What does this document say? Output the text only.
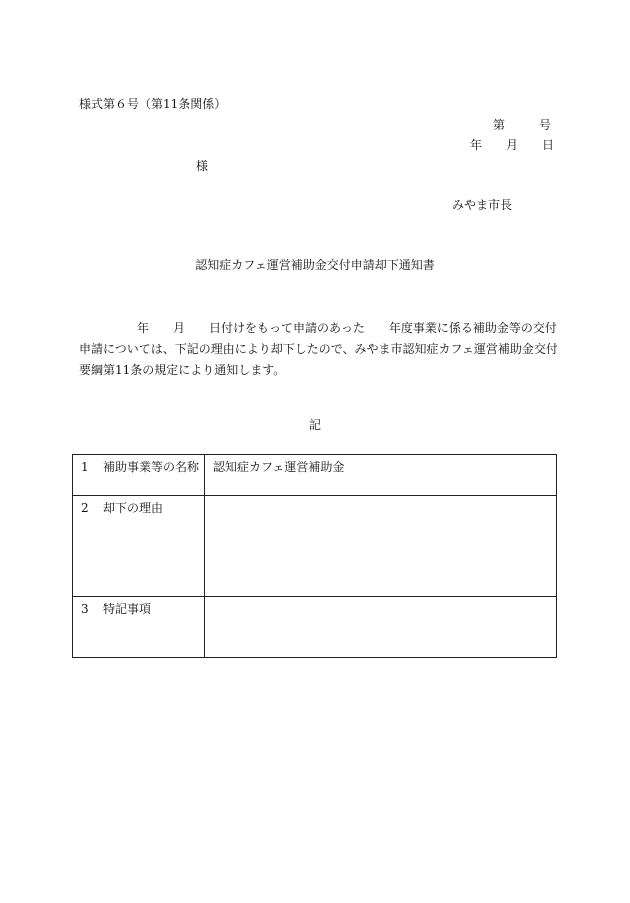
様式第６号（第11条関係）
第	号
年 月 日
様
みやま市長
認知症カフェ運営補助金交付申請却下通知書
年 月 日付けをもって申請のあった 年度事業に係る補助金等の交付
申請については、下記の理由により却下したので、みやま市認知症カフェ運営補助金交付
要綱第11条の規定により通知します。
記
1 補助事業等の名称	認知症カフェ運営補助金
2 却下の理由	
3 特記事項	
